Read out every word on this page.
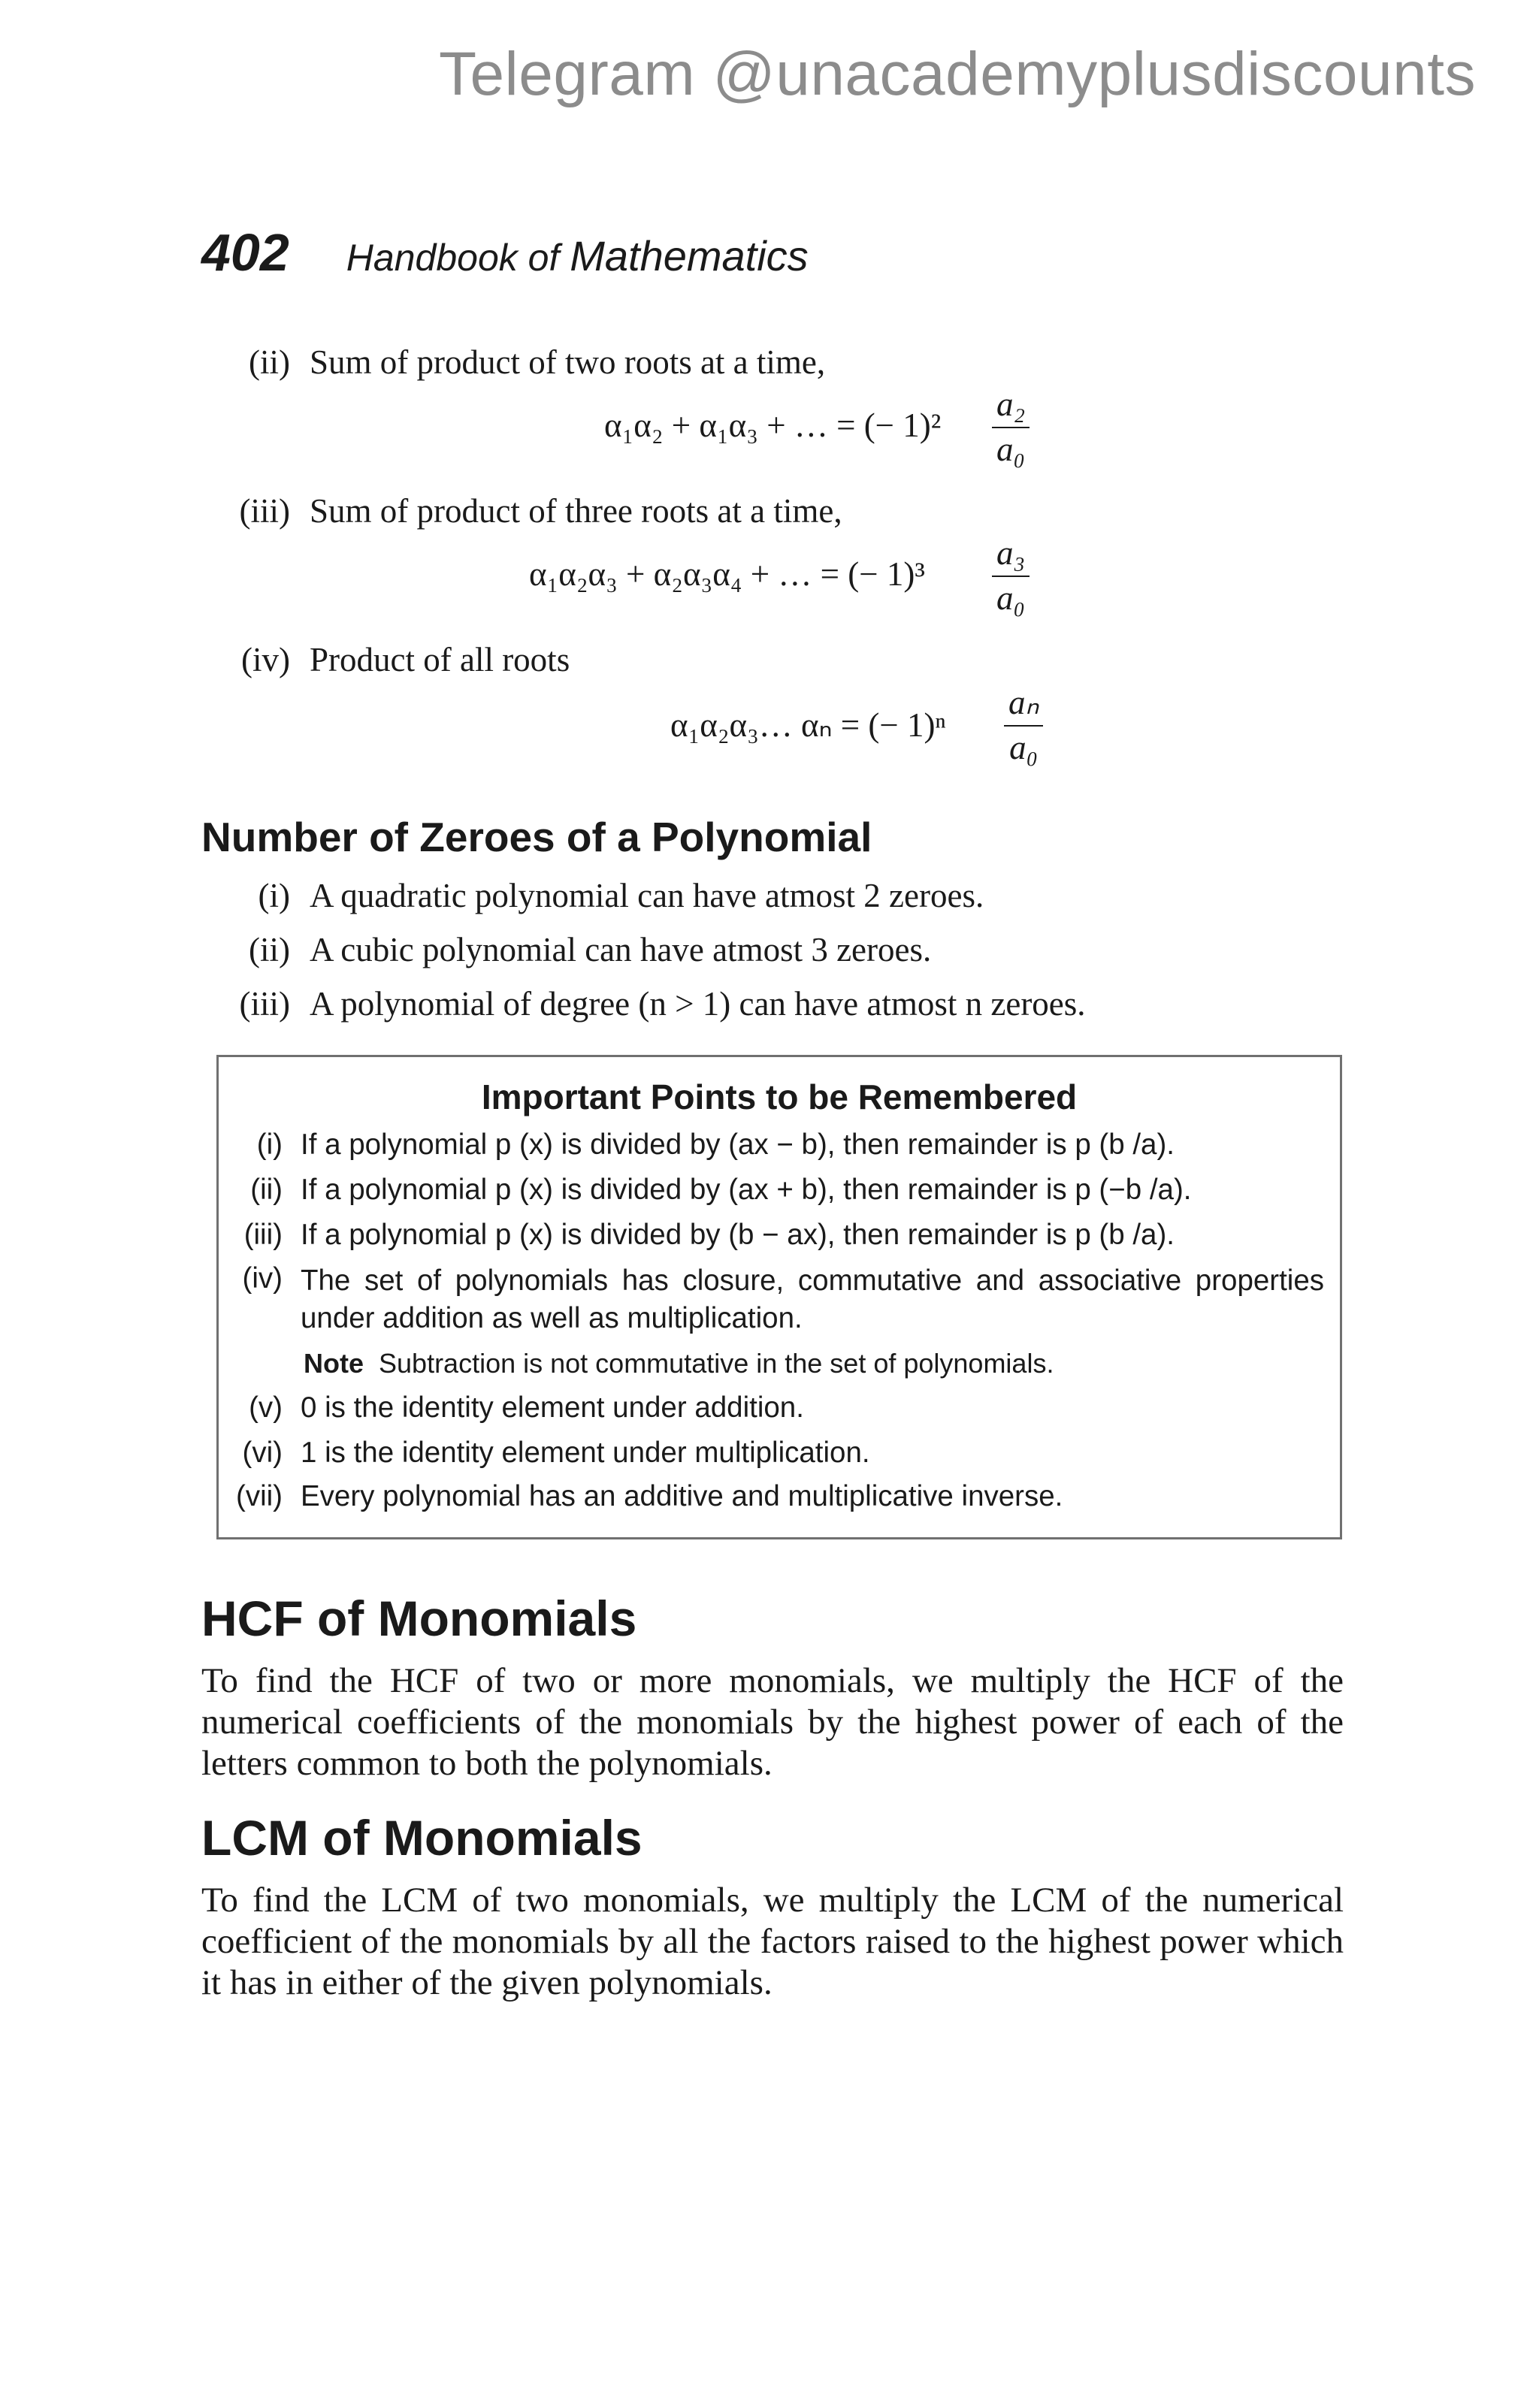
Telegram @unacademyplusdiscounts
402 Handbook of Mathematics
(ii) Sum of product of two roots at a time,
α₁α₂ + α₁α₃ + … = (− $1)^2 \frac{\text{a₂}}{\text{a₀}}$
(iii) Sum of product of three roots at a time,
α₁α₂α₃ + α₂α₃α₄ + … = (− $1)^3 \frac{\text{a₃}}{\text{a₀}}$
(iv) Product of all roots
α₁α₂α₃… αₙ = (− $1)^n \frac{\text{aₙ}}{\text{a₀}}$
Number of Zeroes of a Polynomial
(i) A quadratic polynomial can have atmost 2 zeroes.
(ii) A cubic polynomial can have atmost 3 zeroes.
(iii) A polynomial of degree (n > 1) can have atmost n zeroes.
Important Points to be Remembered
(i) If a polynomial p (x) is divided by (ax − b), then remainder is p (b /a).
(ii) If a polynomial p (x) is divided by (ax + b), then remainder is p (−b /a).
(iii) If a polynomial p (x) is divided by (b − ax), then remainder is p (b /a).
(iv) The set of polynomials has closure, commutative and associative properties under addition as well as multiplication.
Note Subtraction is not commutative in the set of polynomials.
(v) 0 is the identity element under addition.
(vi) 1 is the identity element under multiplication.
(vii) Every polynomial has an additive and multiplicative inverse.
HCF of Monomials
To find the HCF of two or more monomials, we multiply the HCF of the numerical coefficients of the monomials by the highest power of each of the letters common to both the polynomials.
LCM of Monomials
To find the LCM of two monomials, we multiply the LCM of the numerical coefficient of the monomials by all the factors raised to the highest power which it has in either of the given polynomials.
